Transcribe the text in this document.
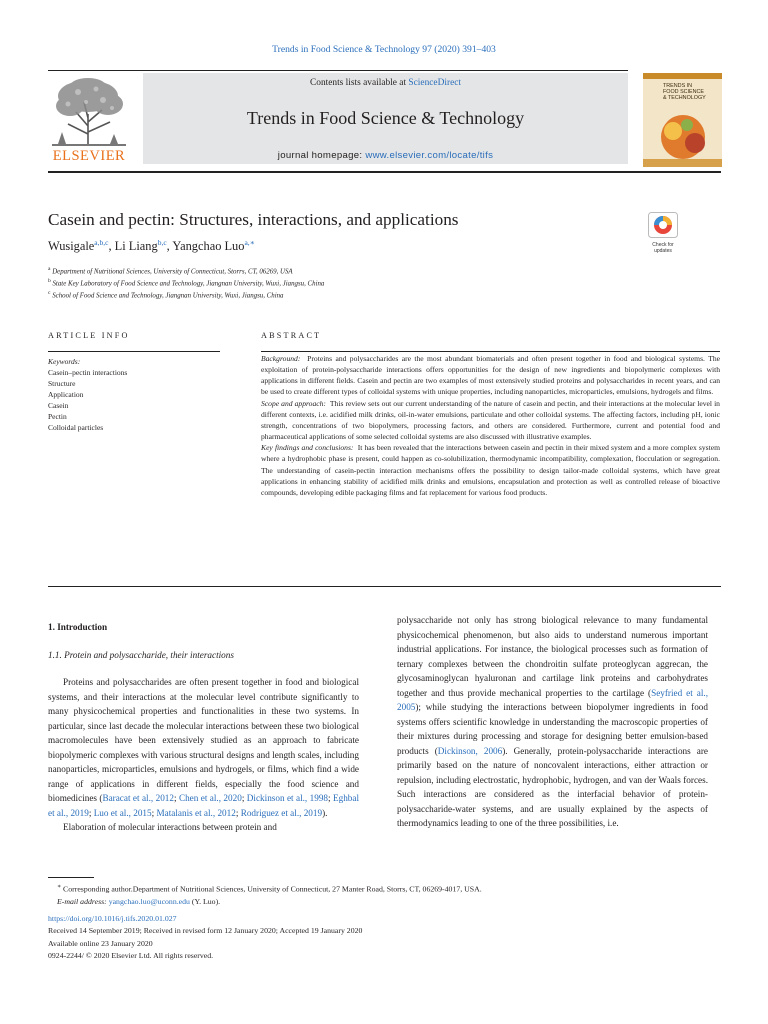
Trends in Food Science & Technology 97 (2020) 391–403
ELSEVIER
Contents lists available at ScienceDirect
Trends in Food Science & Technology
journal homepage: www.elsevier.com/locate/tifs
TRENDS IN
FOOD SCIENCE
& TECHNOLOGY
Casein and pectin: Structures, interactions, and applications
Check for
updates
Wusigale$^{a,b,c}$, Li Liang$^{b,c}$, Yangchao Luo$^{a,∗}$
$^a$ Department of Nutritional Sciences, University of Connecticut, Storrs, CT, 06269, USA
$^b$ State Key Laboratory of Food Science and Technology, Jiangnan University, Wuxi, Jiangsu, China
$^c$ School of Food Science and Technology, Jiangnan University, Wuxi, Jiangsu, China
ARTICLE INFO	ABSTRACT
Keywords:
Casein–pectin interactions
Structure
Application
Casein
Pectin
Colloidal particles
Background: Proteins and polysaccharides are the most abundant biomaterials and often present together in food and biological systems. The exploitation of protein-polysaccharide interactions offers opportunities for the design of new ingredients and biopolymeric complexes with applications in different fields. Casein and pectin are two examples of most extensively studied proteins and polysaccharides in recent years, and can be used to create different types of colloidal systems with unique properties, including nanoparticles, microparticles, emulsions, hydrogels and films.
Scope and approach: This review sets out our current understanding of the nature of casein and pectin, and their interactions at the molecular level in different contexts, i.e. acidified milk drinks, oil-in-water emulsions, particulate and other colloidal systems. The affecting factors, including pH, ionic strength, concentrations of two biopolymers, processing factors, and others are considered. Furthermore, current and potential food and pharmaceutical applications of some selected colloidal systems are also discussed with illustrative examples.
Key findings and conclusions: It has been revealed that the interactions between casein and pectin in their mixed system and a more complex system where a hydrophobic phase is present, could happen as co-solubilization, thermodynamic incompatibility, complexation, flocculation or segregation. The understanding of casein-pectin interaction mechanisms offers the possibility to design tailor-made colloidal systems, which have great applications in enhancing stability of acidified milk drinks and emulsions, encapsulation and protection as well as controlled release of bioactive compounds, developing edible packaging films and fat replacement for various food products.
1. Introduction
1.1. Protein and polysaccharide, their interactions

Proteins and polysaccharides are often present together in food and biological systems, and their interactions at the molecular level contribute significantly to many physicochemical properties and functionalities in these two systems. In particular, since last decade the molecular interactions between these two biological macromolecules have been extensively studied as an approach to fabricate biopolymeric complexes with various structural designs and length scales, including nanoparticles, microparticles, emulsions and hydrogels, or films, which find a wide range of applications in different fields, especially the food science and biomedicines (Baracat et al., 2012; Chen et al., 2020; Dickinson et al., 1998; Eghbal et al., 2019; Luo et al., 2015; Matalanis et al., 2012; Rodriguez et al., 2019).

Elaboration of molecular interactions between protein and

polysaccharide not only has strong biological relevance to many fundamental physicochemical phenomenon, but also aids to understand numerous important industrial applications. For instance, the biological processes such as formation of ternary complexes between the chondroitin sulfate proteoglycan aggrecan, the glycosaminoglycan hyaluronan and cartilage link proteins and carbohydrates together and thus provide mechanical properties to the cartilage (Seyfried et al., 2005); while studying the interactions between biopolymer ingredients in food systems offers scientific knowledge in understanding the macroscopic properties of their mixtures during processing and storage for designing better emulsion-based products (Dickinson, 2006). Generally, protein-polysaccharide interactions are primarily based on the nature of noncovalent interactions, either attraction or repulsion, including electrostatic, hydrophobic, hydrogen, and van der Waals forces. Such interactions are considered as the interfacial behavior of protein-polysaccharide-water systems, and are usually explained by the aspects of thermodynamics leading to one of the three possibilities, i.e.

∗ Corresponding author.Department of Nutritional Sciences, University of Connecticut, 27 Manter Road, Storrs, CT, 06269-4017, USA.
E-mail address: yangchao.luo@uconn.edu (Y. Luo).
https://doi.org/10.1016/j.tifs.2020.01.027
Received 14 September 2019; Received in revised form 12 January 2020; Accepted 19 January 2020
Available online 23 January 2020
0924-2244/ © 2020 Elsevier Ltd. All rights reserved.
